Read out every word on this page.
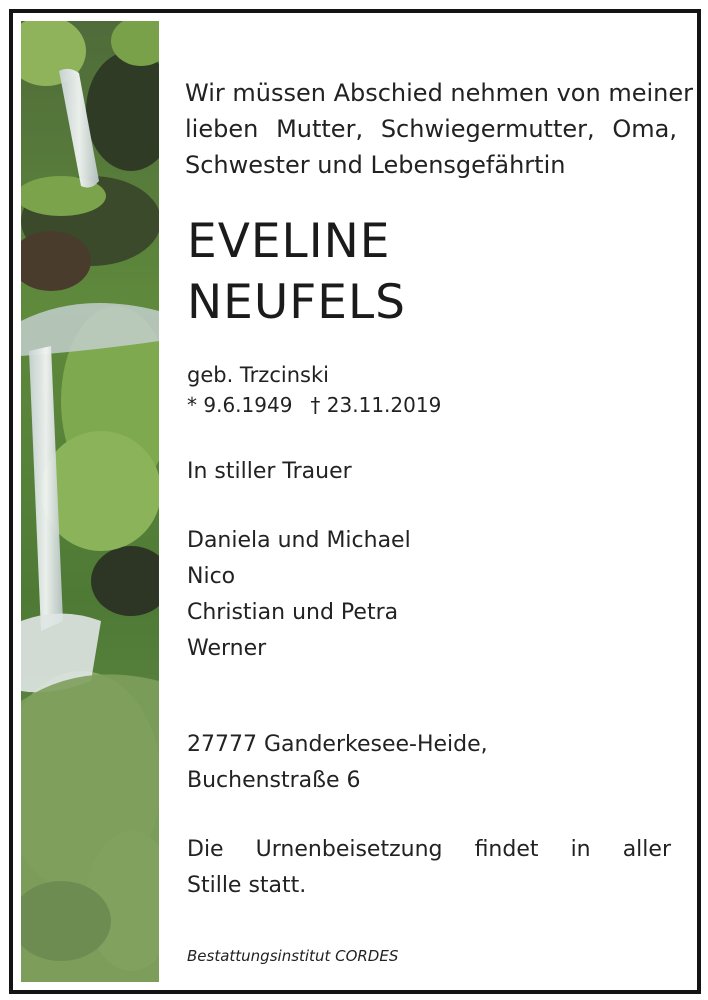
Wir müssen Abschied nehmen von meiner
lieben Mutter, Schwiegermutter, Oma,
Schwester und Lebensgefährtin
EVELINE
NEUFELS
geb. Trzcinski
* 9.6.1949 † 23.11.2019
In stiller Trauer
Daniela und Michael
Nico
Christian und Petra
Werner
27777 Ganderkesee-Heide,
Buchenstraße 6
Die Urnenbeisetzung findet in aller
Stille statt.
Bestattungsinstitut CORDES
